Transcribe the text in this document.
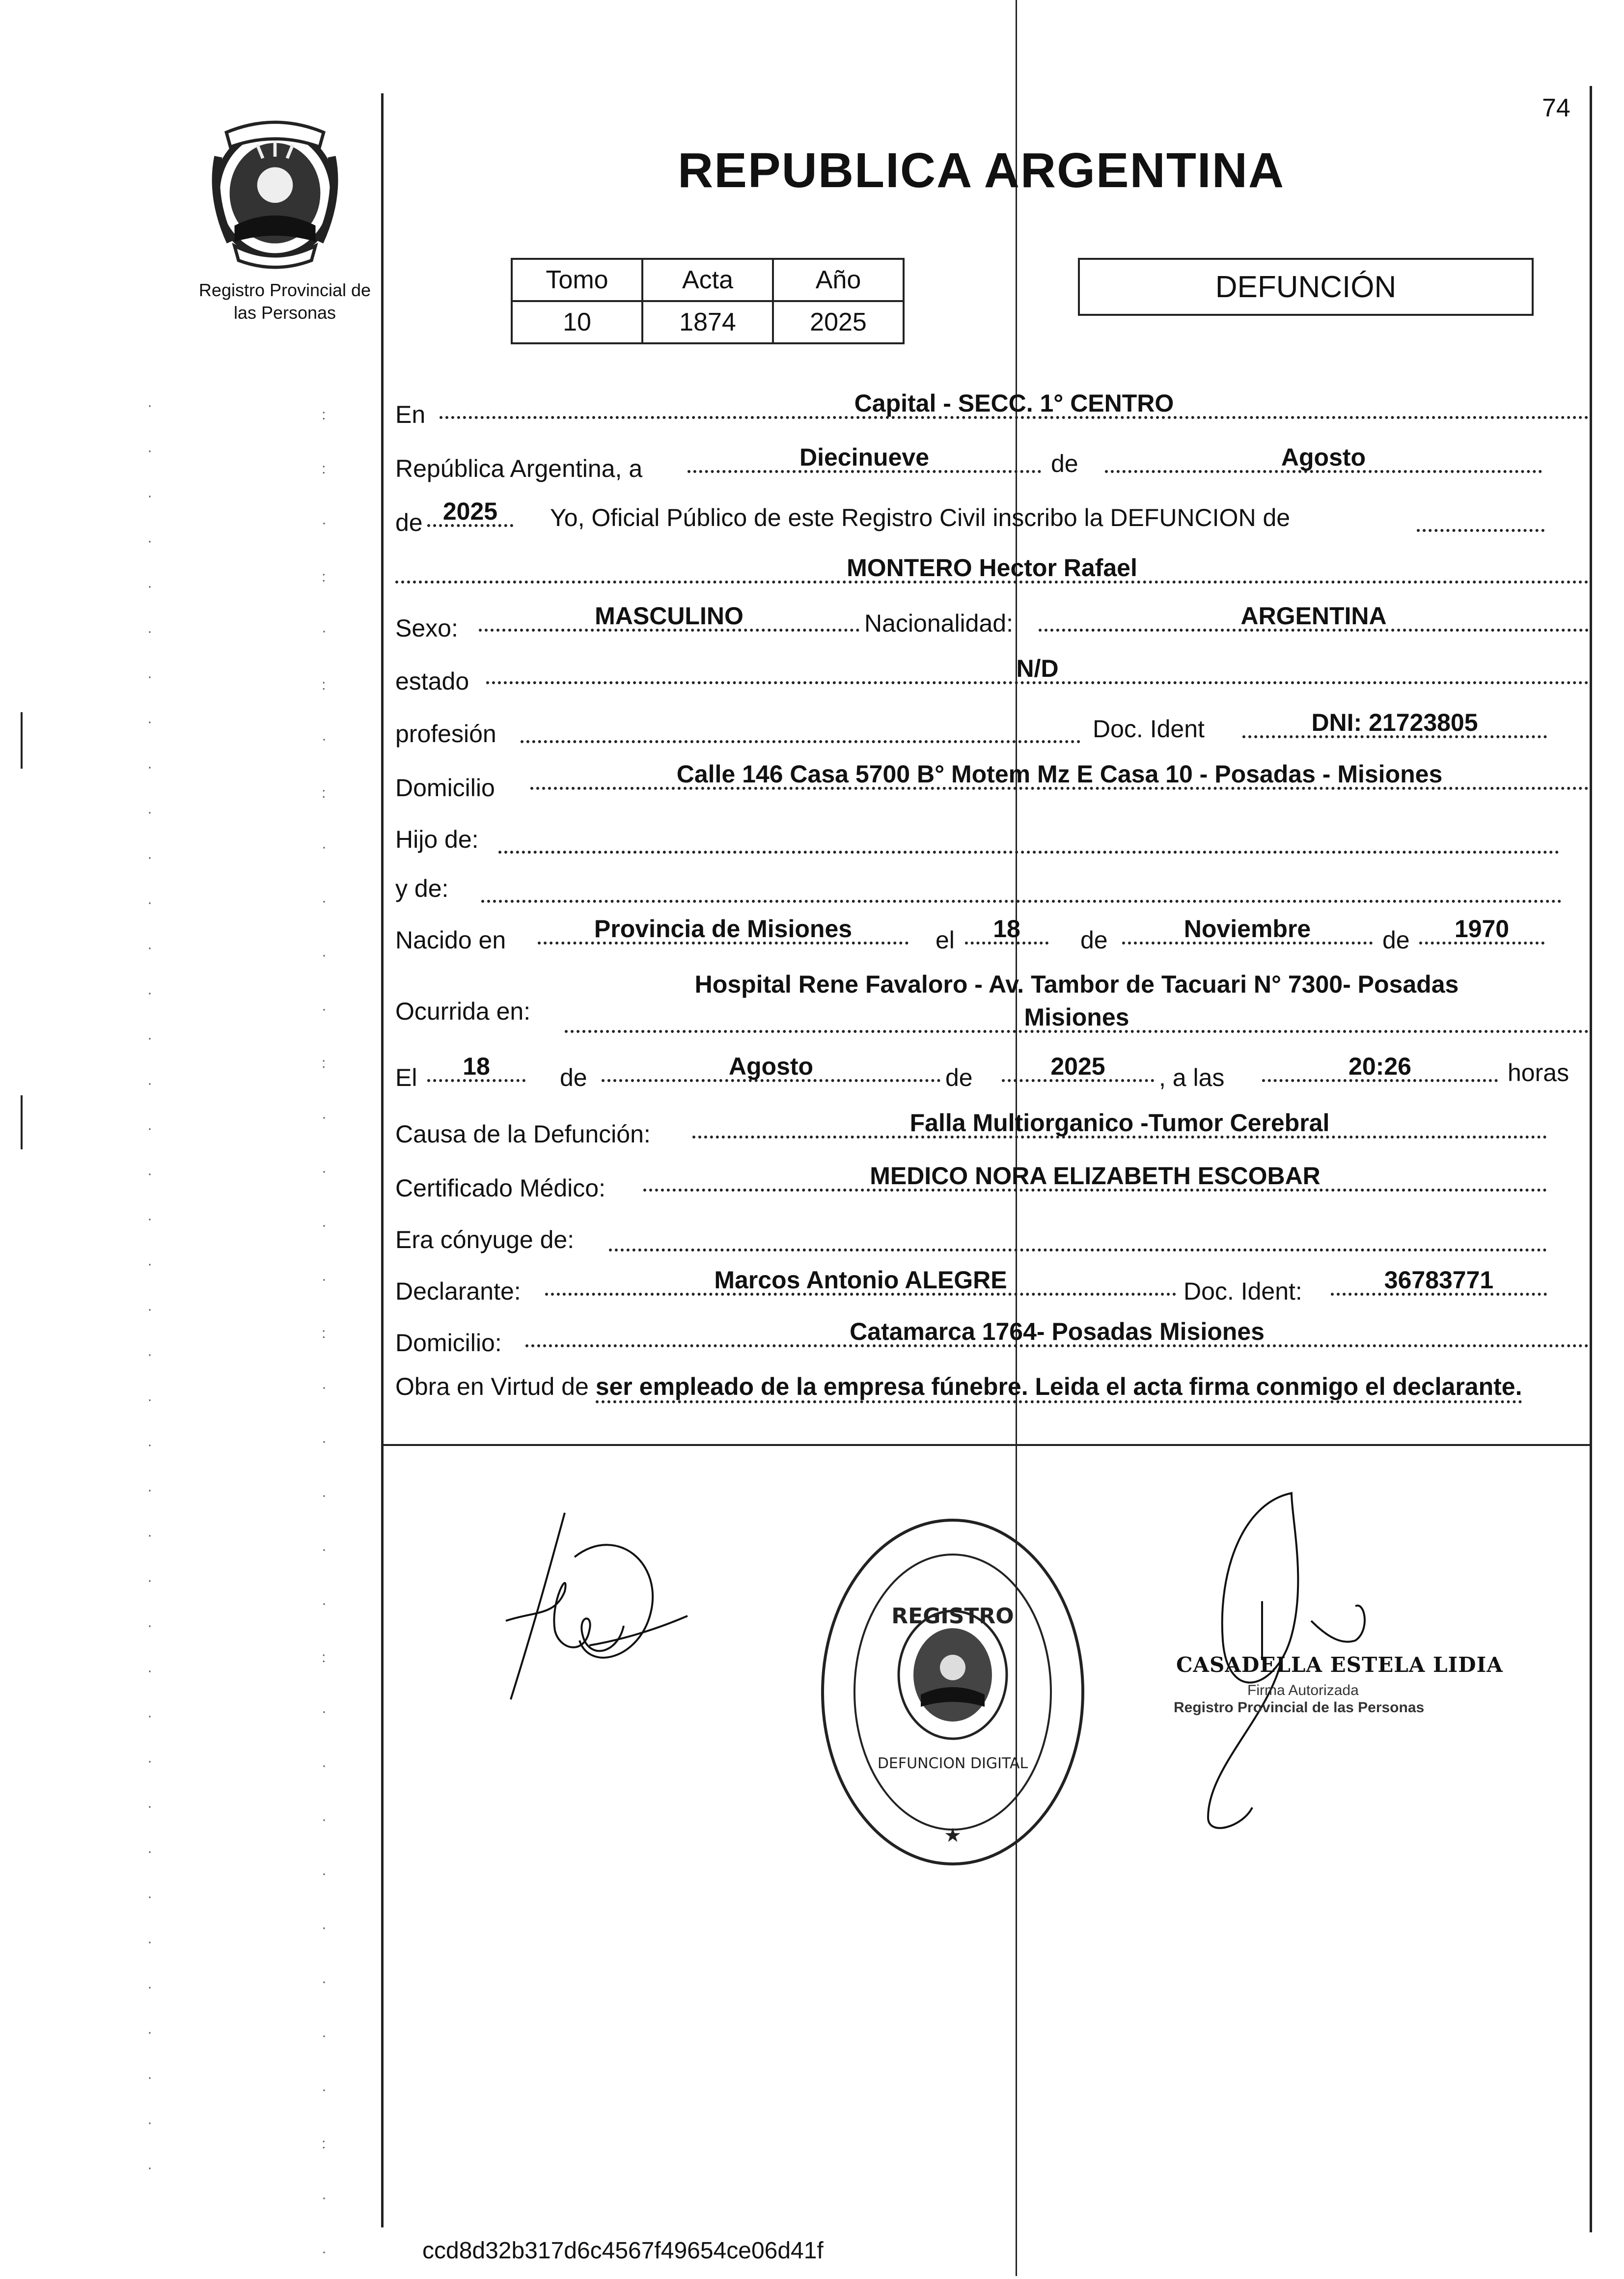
·
·
·
·
·
·
·
·
·
·
·
·
·
·
·
·
·
·
·
·
·
·
·
·
·
·
·
·
·
·
·
·
·
·
·
·
·
·
·
·
:
:
·
:
·
:
·
:
·
·
·
·
:
·
·
·
·
:
·
·
·
·
·
:
·
·
·
·
·
·
·
·
:
·
·
74
Registro Provincial de
las Personas
REPUBLICA ARGENTINA
Tomo	Acta	Año
10	1874	2025
DEFUNCIÓN
En	Capital - SECC. 1° CENTRO
República Argentina, a	Diecinueve	de	Agosto
de 2025	Yo, Oficial Público de este Registro Civil inscribo la DEFUNCION de
MONTERO Hector Rafael
Sexo:	MASCULINO	Nacionalidad:	ARGENTINA
estado	N/D
profesión	Doc. Ident	DNI: 21723805
Domicilio	Calle 146 Casa 5700 B° Motem Mz E Casa 10 - Posadas - Misiones
Hijo de:
y de:
Nacido en	Provincia de Misiones	el	18	de	Noviembre	de	1970
Ocurrida en:
Hospital Rene Favaloro - Av. Tambor de Tacuari N° 7300- Posadas
Misiones
El	18	de	Agosto	de	2025	, a las	20:26	horas
Causa de la Defunción:	Falla Multiorganico -Tumor Cerebral
Certificado Médico:	MEDICO NORA ELIZABETH ESCOBAR
Era cónyuge de:
Declarante:	Marcos Antonio ALEGRE	Doc. Ident:	36783771
Domicilio:	Catamarca 1764- Posadas Misiones
Obra en Virtud de ser empleado de la empresa fúnebre. Leida el acta firma conmigo el declarante.
REGISTRO
DEFUNCION DIGITAL
★
CASADELLA ESTELA LIDIA
Firma Autorizada
Registro Provincial de las Personas
ccd8d32b317d6c4567f49654ce06d41f
